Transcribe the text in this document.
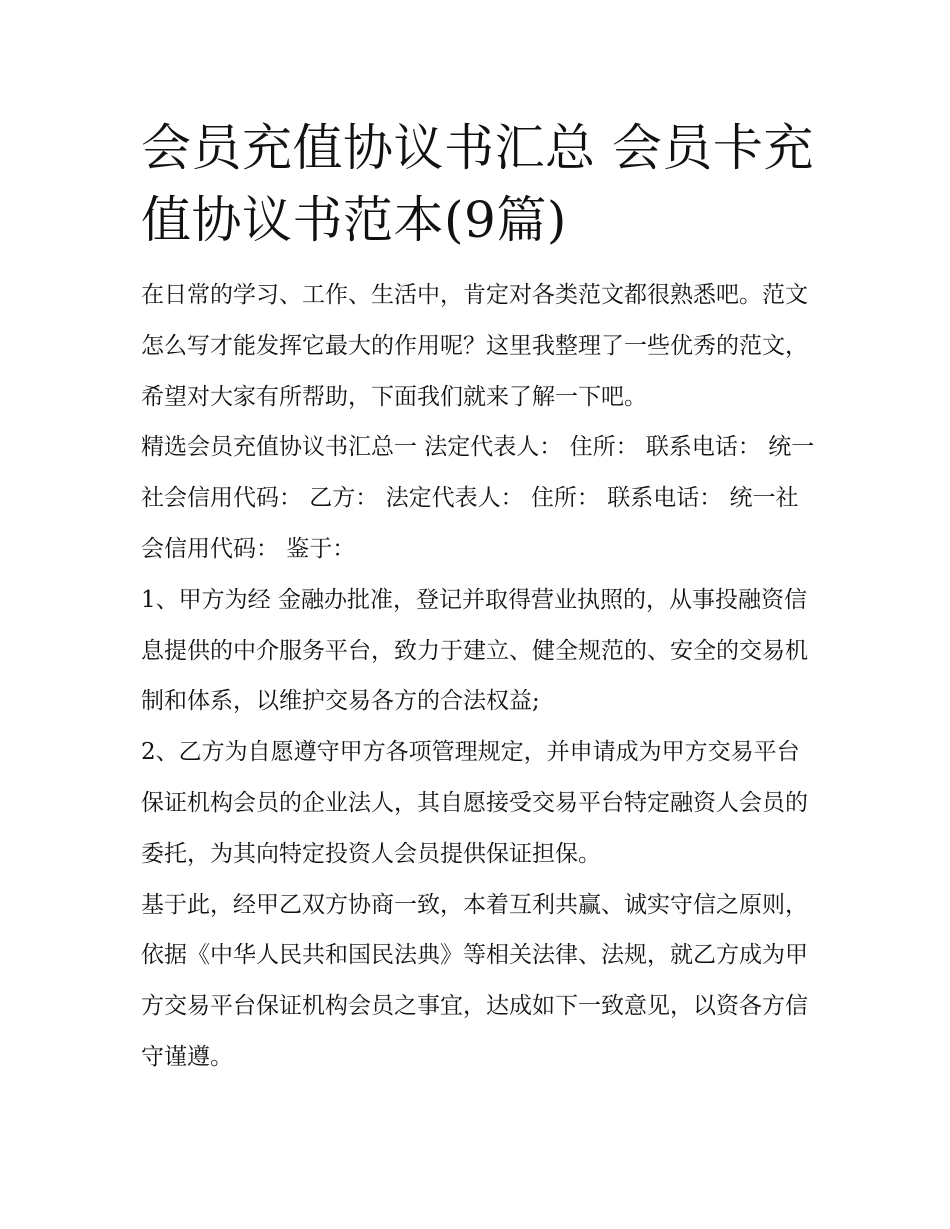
会员充值协议书汇总 会员卡充值协议书范本(9篇)

在日常的学习、工作、生活中，肯定对各类范文都很熟悉吧。范文怎么写才能发挥它最大的作用呢？这里我整理了一些优秀的范文，希望对大家有所帮助，下面我们就来了解一下吧。

精选会员充值协议书汇总一 法定代表人： 住所： 联系电话： 统一社会信用代码： 乙方： 法定代表人： 住所： 联系电话： 统一社会信用代码： 鉴于：

1、甲方为经 金融办批准，登记并取得营业执照的，从事投融资信息提供的中介服务平台，致力于建立、健全规范的、安全的交易机制和体系，以维护交易各方的合法权益;

2、乙方为自愿遵守甲方各项管理规定，并申请成为甲方交易平台保证机构会员的企业法人，其自愿接受交易平台特定融资人会员的委托，为其向特定投资人会员提供保证担保。

基于此，经甲乙双方协商一致，本着互利共赢、诚实守信之原则，依据《中华人民共和国民法典》等相关法律、法规，就乙方成为甲方交易平台保证机构会员之事宜，达成如下一致意见，以资各方信守谨遵。
